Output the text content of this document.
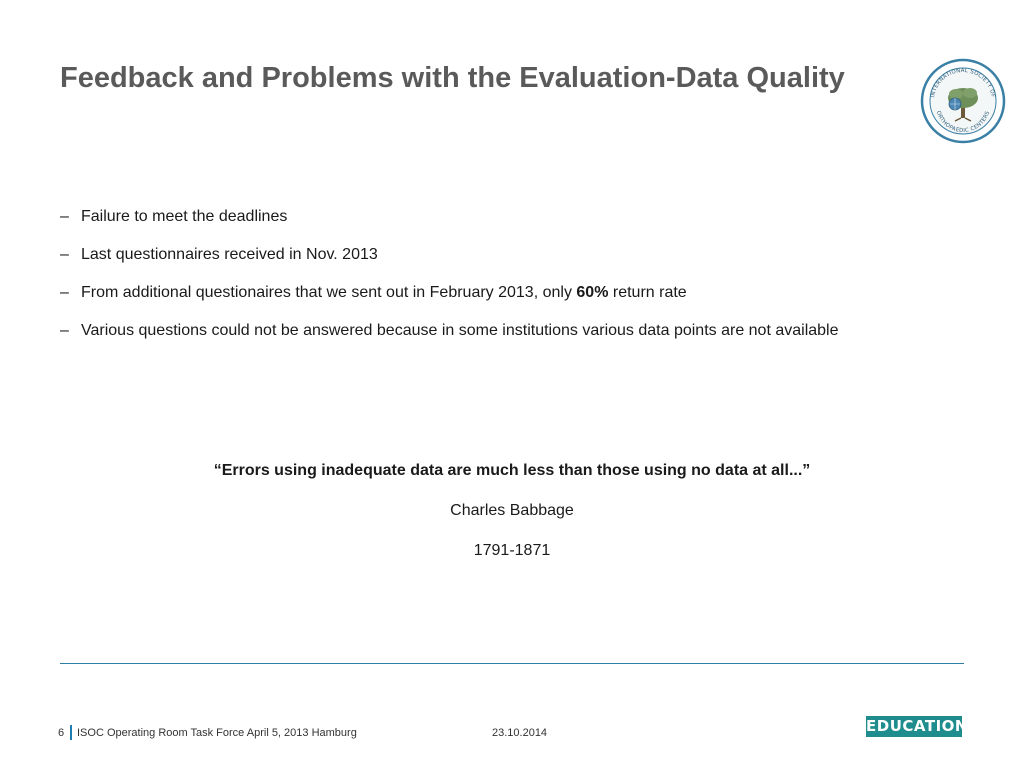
Feedback and Problems with the Evaluation-Data Quality
INTERNATIONAL SOCIETY OF
ORTHOPAEDIC CENTERS
– Failure to meet the deadlines
– Last questionnaires received in Nov. 2013
– From additional questionaires that we sent out in February 2013, only 60% return rate
– Various questions could not be answered because in some institutions various data points are not available

“Errors using inadequate data are much less than those using no data at all...”

Charles Babbage

1791-1871

6 ISOC Operating Room Task Force April 5, 2013 Hamburg	23.10.2014	EDUCATION
